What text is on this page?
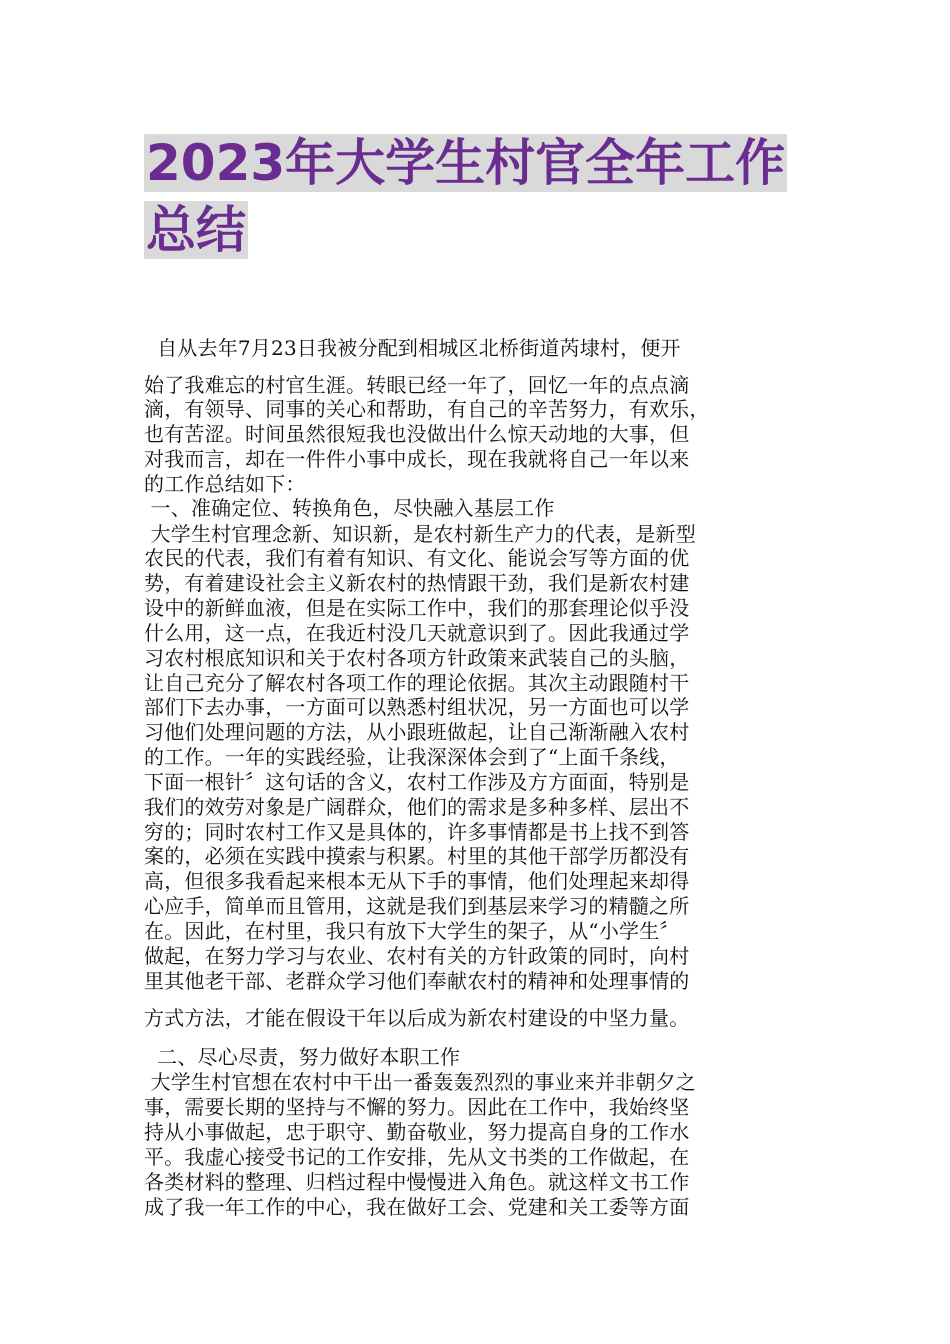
2023年大学生村官全年工作总结

自从去年7月23日我被分配到相城区北桥街道芮埭村，便开

始了我难忘的村官生涯。转眼已经一年了，回忆一年的点点滴

滴，有领导、同事的关心和帮助，有自己的辛苦努力，有欢乐，

也有苦涩。时间虽然很短我也没做出什么惊天动地的大事，但

对我而言，却在一件件小事中成长，现在我就将自己一年以来

的工作总结如下：

一、准确定位、转换角色，尽快融入基层工作

大学生村官理念新、知识新，是农村新生产力的代表，是新型

农民的代表，我们有着有知识、有文化、能说会写等方面的优

势，有着建设社会主义新农村的热情跟干劲，我们是新农村建

设中的新鲜血液，但是在实际工作中，我们的那套理论似乎没

什么用，这一点，在我近村没几天就意识到了。因此我通过学

习农村根底知识和关于农村各项方针政策来武装自己的头脑，

让自己充分了解农村各项工作的理论依据。其次主动跟随村干

部们下去办事，一方面可以熟悉村组状况，另一方面也可以学

习他们处理问题的方法，从小跟班做起，让自己渐渐融入农村

的工作。一年的实践经验，让我深深体会到了“上面千条线，

下面一根针〞这句话的含义，农村工作涉及方方面面，特别是

我们的效劳对象是广阔群众，他们的需求是多种多样、层出不

穷的；同时农村工作又是具体的，许多事情都是书上找不到答

案的，必须在实践中摸索与积累。村里的其他干部学历都没有

高，但很多我看起来根本无从下手的事情，他们处理起来却得

心应手，简单而且管用，这就是我们到基层来学习的精髓之所

在。因此，在村里，我只有放下大学生的架子，从“小学生〞

做起，在努力学习与农业、农村有关的方针政策的同时，向村

里其他老干部、老群众学习他们奉献农村的精神和处理事情的

方式方法，才能在假设干年以后成为新农村建设的中坚力量。

二、尽心尽责，努力做好本职工作

大学生村官想在农村中干出一番轰轰烈烈的事业来并非朝夕之

事，需要长期的坚持与不懈的努力。因此在工作中，我始终坚

持从小事做起，忠于职守、勤奋敬业，努力提高自身的工作水

平。我虚心接受书记的工作安排，先从文书类的工作做起，在

各类材料的整理、归档过程中慢慢进入角色。就这样文书工作

成了我一年工作的中心，我在做好工会、党建和关工委等方面
